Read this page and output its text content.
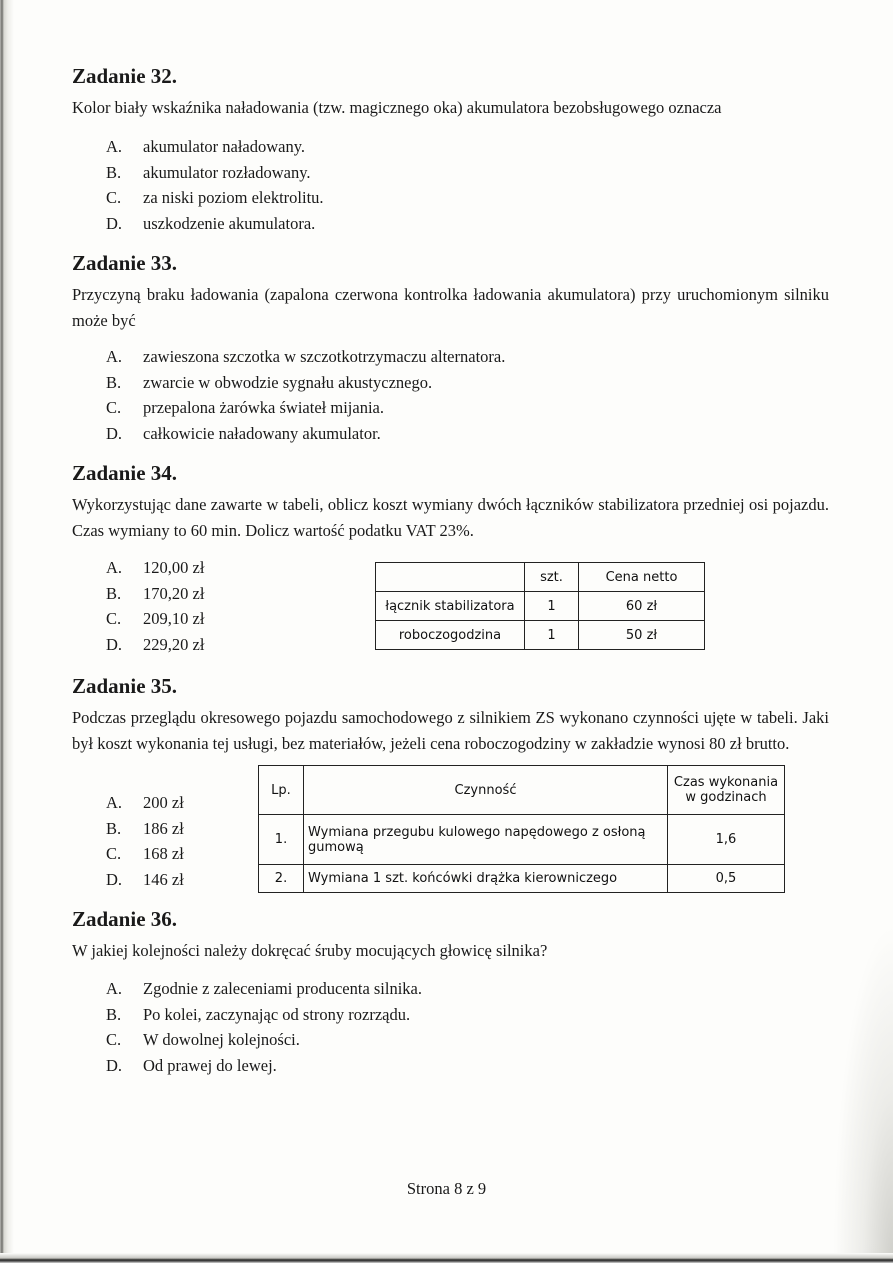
Zadanie 32.

Kolor biały wskaźnika naładowania (tzw. magicznego oka) akumulatora bezobsługowego oznacza

A.	akumulator naładowany.
B.	akumulator rozładowany.
C.	za niski poziom elektrolitu.
D.	uszkodzenie akumulatora.
Zadanie 33.

Przyczyną braku ładowania (zapalona czerwona kontrolka ładowania akumulatora) przy uruchomionym silniku może być

A.	zawieszona szczotka w szczotkotrzymaczu alternatora.
B.	zwarcie w obwodzie sygnału akustycznego.
C.	przepalona żarówka świateł mijania.
D.	całkowicie naładowany akumulator.
Zadanie 34.

Wykorzystując dane zawarte w tabeli, oblicz koszt wymiany dwóch łączników stabilizatora przedniej osi pojazdu. Czas wymiany to 60 min. Dolicz wartość podatku VAT 23%.

A.	120,00 zł
B.	170,20 zł
C.	209,10 zł
D.	229,20 zł
	szt.	Cena netto
łącznik stabilizatora	1	60 zł
roboczogodzina	1	50 zł
Zadanie 35.

Podczas przeglądu okresowego pojazdu samochodowego z silnikiem ZS wykonano czynności ujęte w tabeli. Jaki był koszt wykonania tej usługi, bez materiałów, jeżeli cena roboczogodziny w zakładzie wynosi 80 zł brutto.

A.	200 zł
B.	186 zł
C.	168 zł
D.	146 zł
Lp.	Czynność	Czas wykonania w godzinach
1.	Wymiana przegubu kulowego napędowego z osłoną gumową	1,6
2.	Wymiana 1 szt. końcówki drążka kierowniczego	0,5
Zadanie 36.

W jakiej kolejności należy dokręcać śruby mocujących głowicę silnika?

A.	Zgodnie z zaleceniami producenta silnika.
B.	Po kolei, zaczynając od strony rozrządu.
C.	W dowolnej kolejności.
D.	Od prawej do lewej.
Strona 8 z 9
